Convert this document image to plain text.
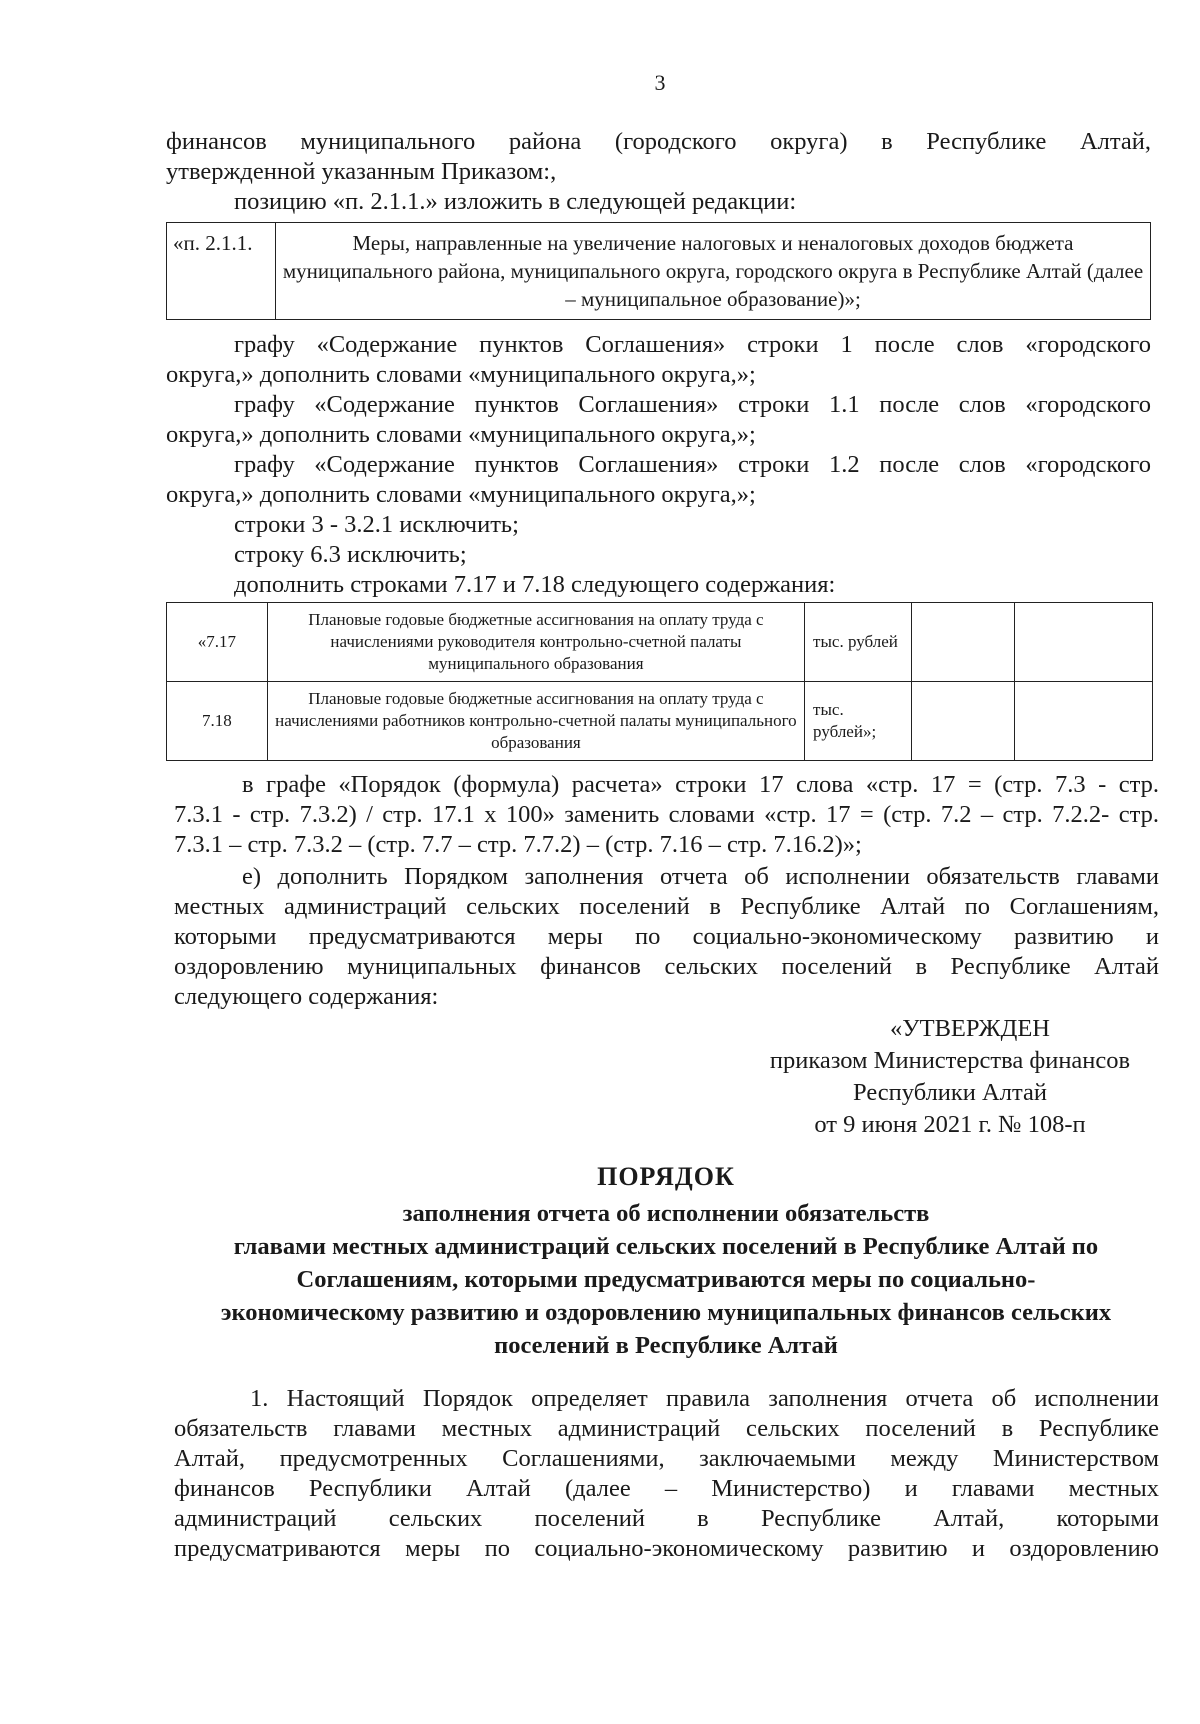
3
финансов муниципального района (городского округа) в Республике Алтай,
утвержденной указанным Приказом:,
позицию «п. 2.1.1.» изложить в следующей редакции:
«п. 2.1.1.	Меры, направленные на увеличение налоговых и неналоговых доходов бюджета муниципального района, муниципального округа, городского округа в Республике Алтай (далее – муниципальное образование)»;
графу «Содержание пунктов Соглашения» строки 1 после слов «городского
округа,» дополнить словами «муниципального округа,»;
графу «Содержание пунктов Соглашения» строки 1.1 после слов «городского
округа,» дополнить словами «муниципального округа,»;
графу «Содержание пунктов Соглашения» строки 1.2 после слов «городского
округа,» дополнить словами «муниципального округа,»;
строки 3 - 3.2.1 исключить;
строку 6.3 исключить;
дополнить строками 7.17 и 7.18 следующего содержания:
«7.17	Плановые годовые бюджетные ассигнования на оплату труда с начислениями руководителя контрольно-счетной палаты муниципального образования	тыс. рублей		
7.18	Плановые годовые бюджетные ассигнования на оплату труда с начислениями работников контрольно-счетной палаты муниципального образования	тыс. рублей»;		
в графе «Порядок (формула) расчета» строки 17 слова «стр. 17 = (стр. 7.3 - стр.
7.3.1 - стр. 7.3.2) / стр. 17.1 x 100» заменить словами «стр. 17 = (стр. 7.2 – стр. 7.2.2- стр.
7.3.1 – стр. 7.3.2 – (стр. 7.7 – стр. 7.7.2) – (стр. 7.16 – стр. 7.16.2)»;
е) дополнить Порядком заполнения отчета об исполнении обязательств главами
местных администраций сельских поселений в Республике Алтай по Соглашениям,
которыми предусматриваются меры по социально-экономическому развитию и
оздоровлению муниципальных финансов сельских поселений в Республике Алтай
следующего содержания:
«УТВЕРЖДЕН
приказом Министерства финансов
Республики Алтай
от 9 июня 2021 г. № 108-п
ПОРЯДОК
заполнения отчета об исполнении обязательств
главами местных администраций сельских поселений в Республике Алтай по
Соглашениям, которыми предусматриваются меры по социально-
экономическому развитию и оздоровлению муниципальных финансов сельских
поселений в Республике Алтай
1. Настоящий Порядок определяет правила заполнения отчета об исполнении
обязательств главами местных администраций сельских поселений в Республике
Алтай, предусмотренных Соглашениями, заключаемыми между Министерством
финансов Республики Алтай (далее – Министерство) и главами местных
администраций сельских поселений в Республике Алтай, которыми
предусматриваются меры по социально-экономическому развитию и оздоровлению
